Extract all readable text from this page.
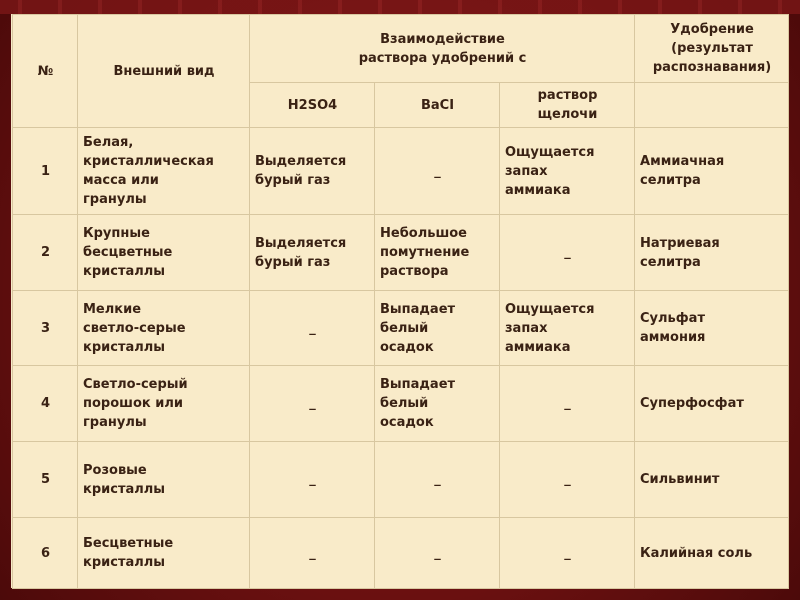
№	Внешний вид	Взаимодействие
раствора удобрений с			Удобрение
(результат
распознавания)

		H2SO4	BaCI	раствор
щелочи	

1	Белая,
кристаллическая
масса или
гранулы	Выделяется
бурый газ	_	Ощущается
запах
аммиака	Аммиачная
селитра

2	Крупные
бесцветные
кристаллы	Выделяется
бурый газ	Небольшое
помутнение
раствора	_	Натриевая
селитра

3	Мелкие
светло-серые
кристаллы	_	Выпадает
белый
осадок	Ощущается
запах
аммиака	Сульфат
аммония

4	Светло-серый
порошок или
гранулы	_	Выпадает
белый
осадок	_	Суперфосфат

5	Розовые
кристаллы	_	_	_	Сильвинит

6	Бесцветные
кристаллы	_	_	_	Калийная соль
